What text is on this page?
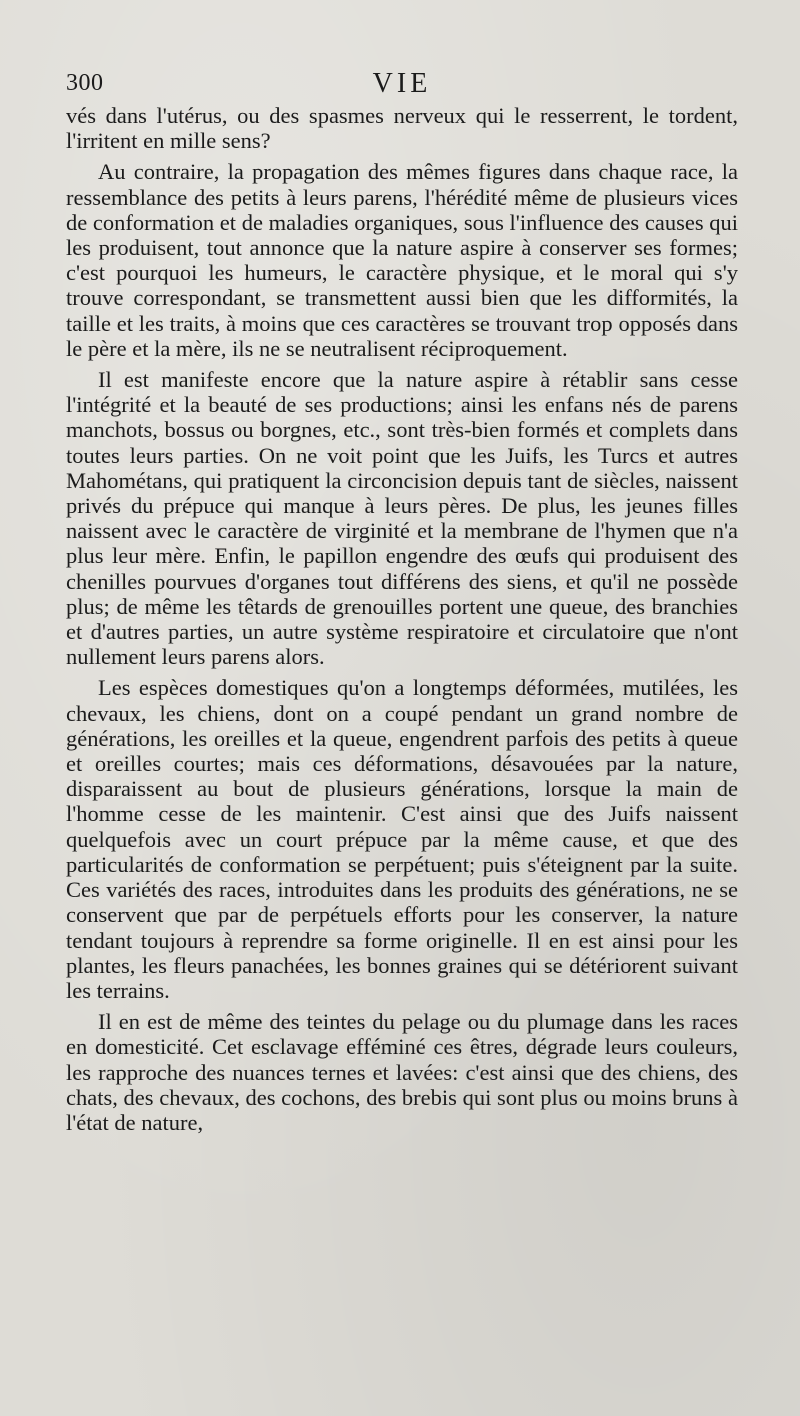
300	VIE

vés dans l'utérus, ou des spasmes nerveux qui le resserrent, le tordent, l'irritent en mille sens?

Au contraire, la propagation des mêmes figures dans chaque race, la ressemblance des petits à leurs parens, l'hérédité même de plusieurs vices de conformation et de maladies organiques, sous l'influence des causes qui les produisent, tout annonce que la nature aspire à conserver ses formes; c'est pourquoi les humeurs, le caractère physique, et le moral qui s'y trouve correspondant, se transmettent aussi bien que les difformités, la taille et les traits, à moins que ces caractères se trouvant trop opposés dans le père et la mère, ils ne se neutralisent réciproquement.

Il est manifeste encore que la nature aspire à rétablir sans cesse l'intégrité et la beauté de ses productions; ainsi les enfans nés de parens manchots, bossus ou borgnes, etc., sont très-bien formés et complets dans toutes leurs parties. On ne voit point que les Juifs, les Turcs et autres Mahométans, qui pratiquent la circoncision depuis tant de siècles, naissent privés du prépuce qui manque à leurs pères. De plus, les jeunes filles naissent avec le caractère de virginité et la membrane de l'hymen que n'a plus leur mère. Enfin, le papillon engendre des œufs qui produisent des chenilles pourvues d'organes tout différens des siens, et qu'il ne possède plus; de même les têtards de grenouilles portent une queue, des branchies et d'autres parties, un autre système respiratoire et circulatoire que n'ont nullement leurs parens alors.

Les espèces domestiques qu'on a longtemps déformées, mutilées, les chevaux, les chiens, dont on a coupé pendant un grand nombre de générations, les oreilles et la queue, engendrent parfois des petits à queue et oreilles courtes; mais ces déformations, désavouées par la nature, disparaissent au bout de plusieurs générations, lorsque la main de l'homme cesse de les maintenir. C'est ainsi que des Juifs naissent quelquefois avec un court prépuce par la même cause, et que des particularités de conformation se perpétuent; puis s'éteignent par la suite. Ces variétés des races, introduites dans les produits des générations, ne se conservent que par de perpétuels efforts pour les conserver, la nature tendant toujours à reprendre sa forme originelle. Il en est ainsi pour les plantes, les fleurs panachées, les bonnes graines qui se détériorent suivant les terrains.

Il en est de même des teintes du pelage ou du plumage dans les races en domesticité. Cet esclavage efféminé ces êtres, dégrade leurs couleurs, les rapproche des nuances ternes et lavées: c'est ainsi que des chiens, des chats, des chevaux, des cochons, des brebis qui sont plus ou moins bruns à l'état de nature,
